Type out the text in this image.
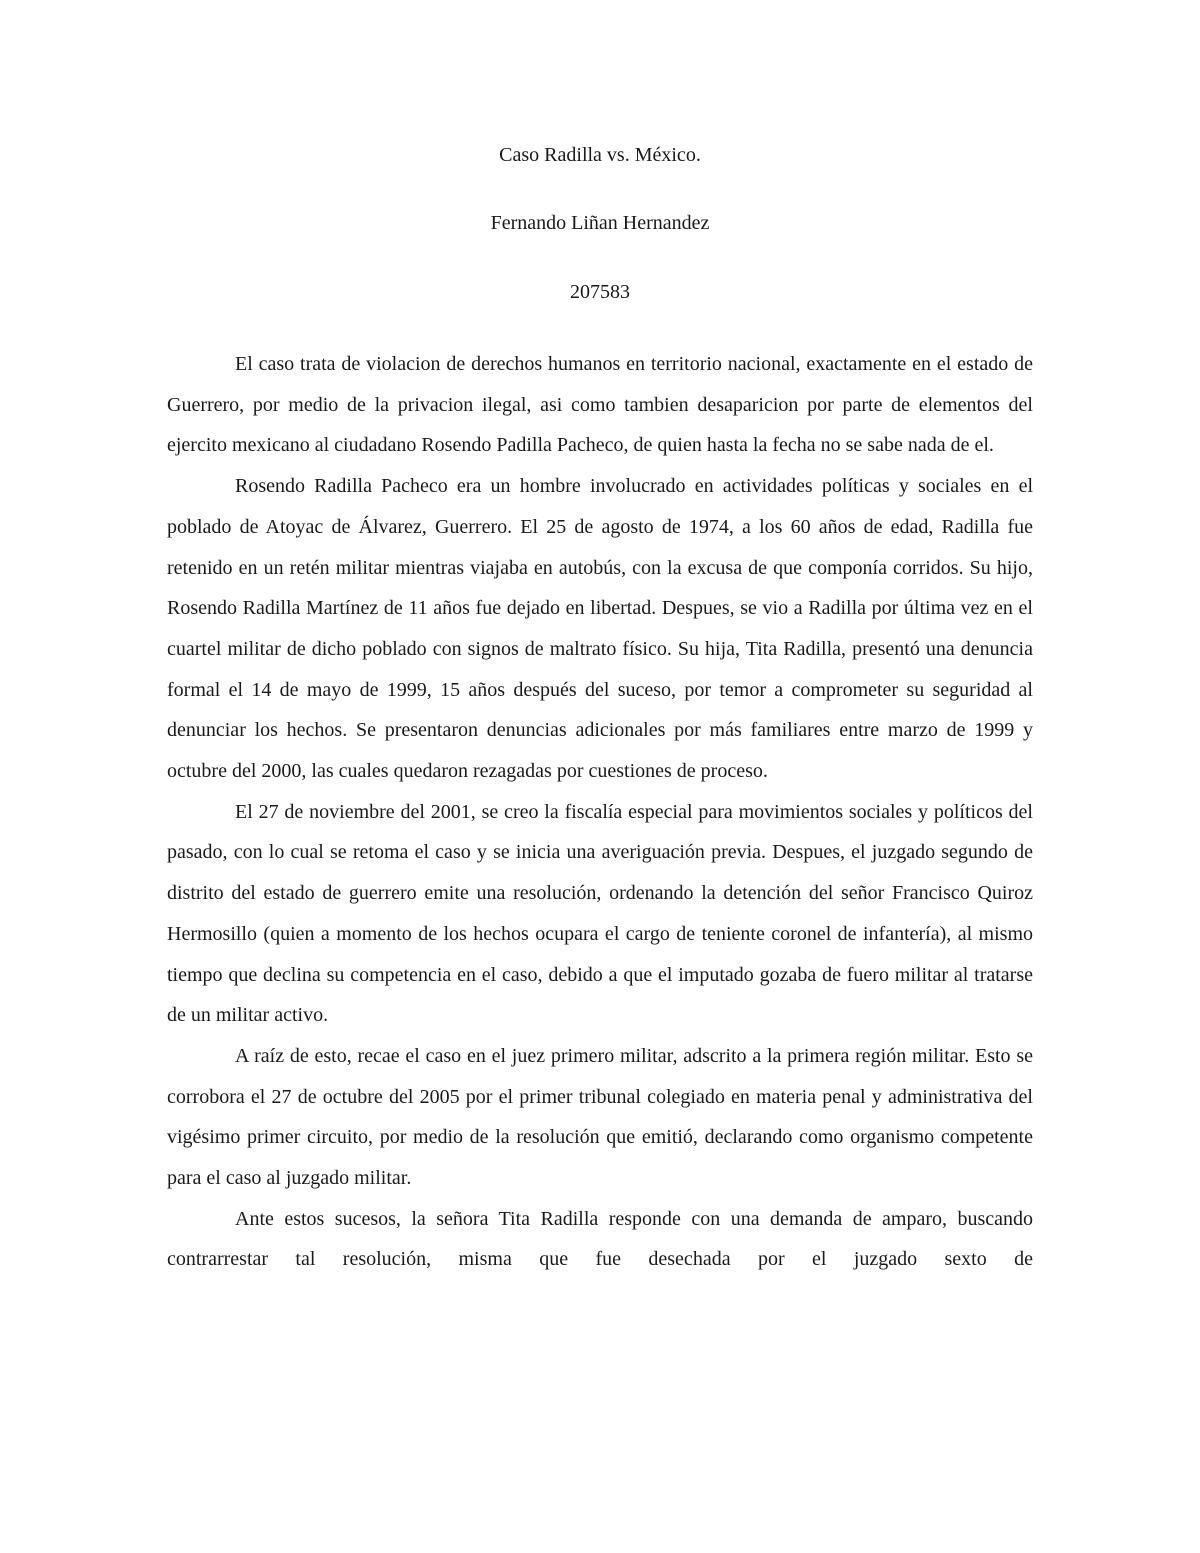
Caso Radilla vs. México.

Fernando Liñan Hernandez

207583

El caso trata de violacion de derechos humanos en territorio nacional, exactamente en el estado de Guerrero, por medio de la privacion ilegal, asi como tambien desaparicion por parte de elementos del ejercito mexicano al ciudadano Rosendo Padilla Pacheco, de quien hasta la fecha no se sabe nada de el.

Rosendo Radilla Pacheco era un hombre involucrado en actividades políticas y sociales en el poblado de Atoyac de Álvarez, Guerrero. El 25 de agosto de 1974, a los 60 años de edad, Radilla fue retenido en un retén militar mientras viajaba en autobús, con la excusa de que componía corridos. Su hijo, Rosendo Radilla Martínez de 11 años fue dejado en libertad. Despues, se vio a Radilla por última vez en el cuartel militar de dicho poblado con signos de maltrato físico. Su hija, Tita Radilla, presentó una denuncia formal el 14 de mayo de 1999, 15 años después del suceso, por temor a comprometer su seguridad al denunciar los hechos. Se presentaron denuncias adicionales por más familiares entre marzo de 1999 y octubre del 2000, las cuales quedaron rezagadas por cuestiones de proceso.

El 27 de noviembre del 2001, se creo la fiscalía especial para movimientos sociales y políticos del pasado, con lo cual se retoma el caso y se inicia una averiguación previa. Despues, el juzgado segundo de distrito del estado de guerrero emite una resolución, ordenando la detención del señor Francisco Quiroz Hermosillo (quien a momento de los hechos ocupara el cargo de teniente coronel de infantería), al mismo tiempo que declina su competencia en el caso, debido a que el imputado gozaba de fuero militar al tratarse de un militar activo.

A raíz de esto, recae el caso en el juez primero militar, adscrito a la primera región militar. Esto se corrobora el 27 de octubre del 2005 por el primer tribunal colegiado en materia penal y administrativa del vigésimo primer circuito, por medio de la resolución que emitió, declarando como organismo competente para el caso al juzgado militar.

Ante estos sucesos, la señora Tita Radilla responde con una demanda de amparo, buscando contrarrestar tal resolución, misma que fue desechada por el juzgado sexto de
